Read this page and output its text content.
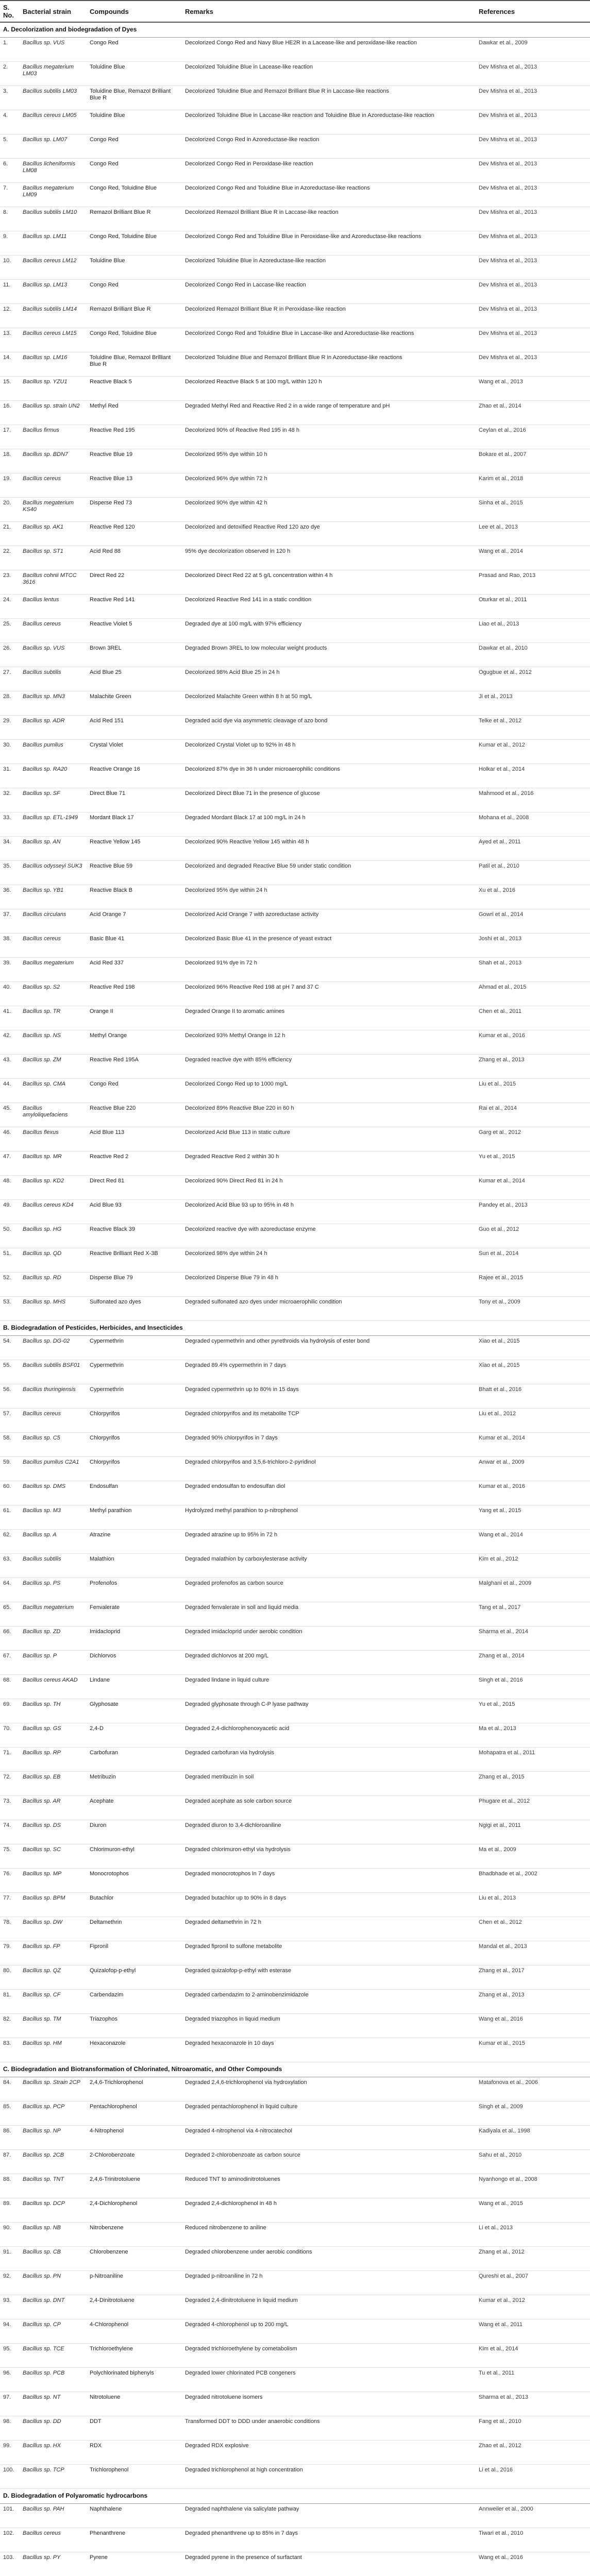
S. No.	Bacterial strain	Compounds	Remarks	References
A. Decolorization and biodegradation of Dyes				
1.	Bacillus sp. VUS	Congo Red	Decolorized Congo Red and Navy Blue HE2R in a Lacease-like and peroxidase-like reaction	Dawkar et al., 2009
2.	Bacillus megaterium LM03	Toluidine Blue	Decolorized Toluidine Blue in Lacease-like reaction	Dev Mishra et al., 2013
3.	Bacillus subtilis LM03	Toluidine Blue, Remazol Brilliant Blue R	Decolorized Toluidine Blue and Remazol Brilliant Blue R in Laccase-like reactions	Dev Mishra et al., 2013
4.	Bacillus cereus LM05	Toluidine Blue	Decolorized Toluidine Blue in Laccase-like reaction and Toluidine Blue in Azoreductase-like reaction	Dev Mishra et al., 2013
5.	Bacillus sp. LM07	Congo Red	Decolorized Congo Red in Azoreductase-like reaction	Dev Mishra et al., 2013
6.	Bacillus licheniformis LM08	Congo Red	Decolorized Congo Red in Peroxidase-like reaction	Dev Mishra et al., 2013
7.	Bacillus megaterium LM09	Congo Red, Toluidine Blue	Decolorized Congo Red and Toluidine Blue in Azoreductase-like reactions	Dev Mishra et al., 2013
8.	Bacillus subtilis LM10	Remazol Brilliant Blue R	Decolorized Remazol Brilliant Blue R in Laccase-like reaction	Dev Mishra et al., 2013
9.	Bacillus sp. LM11	Congo Red, Toluidine Blue	Decolorized Congo Red and Toluidine Blue in Peroxidase-like and Azoreductase-like reactions	Dev Mishra et al., 2013
10.	Bacillus cereus LM12	Toluidine Blue	Decolorized Toluidine Blue in Azoreductase-like reaction	Dev Mishra et al., 2013
11.	Bacillus sp. LM13	Congo Red	Decolorized Congo Red in Laccase-like reaction	Dev Mishra et al., 2013
12.	Bacillus subtilis LM14	Remazol Brilliant Blue R	Decolorized Remazol Brilliant Blue R in Peroxidase-like reaction	Dev Mishra et al., 2013
13.	Bacillus cereus LM15	Congo Red, Toluidine Blue	Decolorized Congo Red and Toluidine Blue in Laccase-like and Azoreductase-like reactions	Dev Mishra et al., 2013
14.	Bacillus sp. LM16	Toluidine Blue, Remazol Brilliant Blue R	Decolorized Toluidine Blue and Remazol Brilliant Blue R in Azoreductase-like reactions	Dev Mishra et al., 2013
15.	Bacillus sp. YZU1	Reactive Black 5	Decolorized Reactive Black 5 at 100 mg/L within 120 h	Wang et al., 2013
16.	Bacillus sp. strain UN2	Methyl Red	Degraded Methyl Red and Reactive Red 2 in a wide range of temperature and pH	Zhao et al., 2014
17.	Bacillus firmus	Reactive Red 195	Decolorized 90% of Reactive Red 195 in 48 h	Ceylan et al., 2016
18.	Bacillus sp. BDN7	Reactive Blue 19	Decolorized 95% dye within 10 h	Bokare et al., 2007
19.	Bacillus cereus	Reactive Blue 13	Decolorized 96% dye within 72 h	Karim et al., 2018
20.	Bacillus megaterium KS40	Disperse Red 73	Decolorized 90% dye within 42 h	Sinha et al., 2015
21.	Bacillus sp. AK1	Reactive Red 120	Decolorized and detoxified Reactive Red 120 azo dye	Lee et al., 2013
22.	Bacillus sp. ST1	Acid Red 88	95% dye decolorization observed in 120 h	Wang et al., 2014
23.	Bacillus cohnii MTCC 3616	Direct Red 22	Decolorized Direct Red 22 at 5 g/L concentration within 4 h	Prasad and Rao, 2013
24.	Bacillus lentus	Reactive Red 141	Decolorized Reactive Red 141 in a static condition	Oturkar et al., 2011
25.	Bacillus cereus	Reactive Violet 5	Degraded dye at 100 mg/L with 97% efficiency	Liao et al., 2013
26.	Bacillus sp. VUS	Brown 3REL	Degraded Brown 3REL to low molecular weight products	Dawkar et al., 2010
27.	Bacillus subtilis	Acid Blue 25	Decolorized 98% Acid Blue 25 in 24 h	Ogugbue et al., 2012
28.	Bacillus sp. MN3	Malachite Green	Decolorized Malachite Green within 8 h at 50 mg/L	Ji et al., 2013
29.	Bacillus sp. ADR	Acid Red 151	Degraded acid dye via asymmetric cleavage of azo bond	Telke et al., 2012
30.	Bacillus pumilus	Crystal Violet	Decolorized Crystal Violet up to 92% in 48 h	Kumar et al., 2012
31.	Bacillus sp. RA20	Reactive Orange 16	Decolorized 87% dye in 36 h under microaerophilic conditions	Holkar et al., 2014
32.	Bacillus sp. SF	Direct Blue 71	Decolorized Direct Blue 71 in the presence of glucose	Mahmood et al., 2016
33.	Bacillus sp. ETL-1949	Mordant Black 17	Degraded Mordant Black 17 at 100 mg/L in 24 h	Mohana et al., 2008
34.	Bacillus sp. AN	Reactive Yellow 145	Decolorized 90% Reactive Yellow 145 within 48 h	Ayed et al., 2011
35.	Bacillus odysseyi SUK3	Reactive Blue 59	Decolorized and degraded Reactive Blue 59 under static condition	Patil et al., 2010
36.	Bacillus sp. YB1	Reactive Black B	Decolorized 95% dye within 24 h	Xu et al., 2016
37.	Bacillus circulans	Acid Orange 7	Decolorized Acid Orange 7 with azoreductase activity	Gowri et al., 2014
38.	Bacillus cereus	Basic Blue 41	Decolorized Basic Blue 41 in the presence of yeast extract	Joshi et al., 2013
39.	Bacillus megaterium	Acid Red 337	Decolorized 91% dye in 72 h	Shah et al., 2013
40.	Bacillus sp. S2	Reactive Red 198	Decolorized 96% Reactive Red 198 at pH 7 and 37 C	Ahmad et al., 2015
41.	Bacillus sp. TR	Orange II	Degraded Orange II to aromatic amines	Chen et al., 2011
42.	Bacillus sp. NS	Methyl Orange	Decolorized 93% Methyl Orange in 12 h	Kumar et al., 2016
43.	Bacillus sp. ZM	Reactive Red 195A	Degraded reactive dye with 85% efficiency	Zhang et al., 2013
44.	Bacillus sp. CMA	Congo Red	Decolorized Congo Red up to 1000 mg/L	Liu et al., 2015
45.	Bacillus amyloliquefaciens	Reactive Blue 220	Decolorized 89% Reactive Blue 220 in 60 h	Rai et al., 2014
46.	Bacillus flexus	Acid Blue 113	Decolorized Acid Blue 113 in static culture	Garg et al., 2012
47.	Bacillus sp. MR	Reactive Red 2	Degraded Reactive Red 2 within 30 h	Yu et al., 2015
48.	Bacillus sp. KD2	Direct Red 81	Decolorized 90% Direct Red 81 in 24 h	Kumar et al., 2014
49.	Bacillus cereus KD4	Acid Blue 93	Decolorized Acid Blue 93 up to 95% in 48 h	Pandey et al., 2013
50.	Bacillus sp. HG	Reactive Black 39	Decolorized reactive dye with azoreductase enzyme	Guo et al., 2012
51.	Bacillus sp. QD	Reactive Brilliant Red X-3B	Decolorized 98% dye within 24 h	Sun et al., 2014
52.	Bacillus sp. RD	Disperse Blue 79	Decolorized Disperse Blue 79 in 48 h	Rajee et al., 2015
53.	Bacillus sp. MHS	Sulfonated azo dyes	Degraded sulfonated azo dyes under microaerophilic condition	Tony et al., 2009
B. Biodegradation of Pesticides, Herbicides, and Insecticides				
54.	Bacillus sp. DG-02	Cypermethrin	Degraded cypermethrin and other pyrethroids via hydrolysis of ester bond	Xiao et al., 2015
55.	Bacillus subtilis BSF01	Cypermethrin	Degraded 89.4% cypermethrin in 7 days	Xiao et al., 2015
56.	Bacillus thuringiensis	Cypermethrin	Degraded cypermethrin up to 80% in 15 days	Bhatt et al., 2016
57.	Bacillus cereus	Chlorpyrifos	Degraded chlorpyrifos and its metabolite TCP	Liu et al., 2012
58.	Bacillus sp. C5	Chlorpyrifos	Degraded 90% chlorpyrifos in 7 days	Kumar et al., 2014
59.	Bacillus pumilus C2A1	Chlorpyrifos	Degraded chlorpyrifos and 3,5,6-trichloro-2-pyridinol	Anwar et al., 2009
60.	Bacillus sp. DMS	Endosulfan	Degraded endosulfan to endosulfan diol	Kumar et al., 2016
61.	Bacillus sp. M3	Methyl parathion	Hydrolyzed methyl parathion to p-nitrophenol	Yang et al., 2015
62.	Bacillus sp. A	Atrazine	Degraded atrazine up to 95% in 72 h	Wang et al., 2014
63.	Bacillus subtilis	Malathion	Degraded malathion by carboxylesterase activity	Kim et al., 2012
64.	Bacillus sp. PS	Profenofos	Degraded profenofos as carbon source	Malghani et al., 2009
65.	Bacillus megaterium	Fenvalerate	Degraded fenvalerate in soil and liquid media	Tang et al., 2017
66.	Bacillus sp. ZD	Imidacloprid	Degraded imidacloprid under aerobic condition	Sharma et al., 2014
67.	Bacillus sp. P	Dichlorvos	Degraded dichlorvos at 200 mg/L	Zhang et al., 2014
68.	Bacillus cereus AKAD	Lindane	Degraded lindane in liquid culture	Singh et al., 2016
69.	Bacillus sp. TH	Glyphosate	Degraded glyphosate through C-P lyase pathway	Yu et al., 2015
70.	Bacillus sp. GS	2,4-D	Degraded 2,4-dichlorophenoxyacetic acid	Ma et al., 2013
71.	Bacillus sp. RP	Carbofuran	Degraded carbofuran via hydrolysis	Mohapatra et al., 2011
72.	Bacillus sp. EB	Metribuzin	Degraded metribuzin in soil	Zhang et al., 2015
73.	Bacillus sp. AR	Acephate	Degraded acephate as sole carbon source	Phugare et al., 2012
74.	Bacillus sp. DS	Diuron	Degraded diuron to 3,4-dichloroaniline	Ngigi et al., 2011
75.	Bacillus sp. SC	Chlorimuron-ethyl	Degraded chlorimuron-ethyl via hydrolysis	Ma et al., 2009
76.	Bacillus sp. MP	Monocrotophos	Degraded monocrotophos in 7 days	Bhadbhade et al., 2002
77.	Bacillus sp. BPM	Butachlor	Degraded butachlor up to 90% in 8 days	Liu et al., 2013
78.	Bacillus sp. DW	Deltamethrin	Degraded deltamethrin in 72 h	Chen et al., 2012
79.	Bacillus sp. FP	Fipronil	Degraded fipronil to sulfone metabolite	Mandal et al., 2013
80.	Bacillus sp. QZ	Quizalofop-p-ethyl	Degraded quizalofop-p-ethyl with esterase	Zhang et al., 2017
81.	Bacillus sp. CF	Carbendazim	Degraded carbendazim to 2-aminobenzimidazole	Zhang et al., 2013
82.	Bacillus sp. TM	Triazophos	Degraded triazophos in liquid medium	Wang et al., 2016
83.	Bacillus sp. HM	Hexaconazole	Degraded hexaconazole in 10 days	Kumar et al., 2015
C. Biodegradation and Biotransformation of Chlorinated, Nitroaromatic, and Other Compounds				
84.	Bacillus sp. Strain 2CP	2,4,6-Trichlorophenol	Degraded 2,4,6-trichlorophenol via hydroxylation	Matafonova et al., 2006
85.	Bacillus sp. PCP	Pentachlorophenol	Degraded pentachlorophenol in liquid culture	Singh et al., 2009
86.	Bacillus sp. NP	4-Nitrophenol	Degraded 4-nitrophenol via 4-nitrocatechol	Kadiyala et al., 1998
87.	Bacillus sp. 2CB	2-Chlorobenzoate	Degraded 2-chlorobenzoate as carbon source	Sahu et al., 2010
88.	Bacillus sp. TNT	2,4,6-Trinitrotoluene	Reduced TNT to aminodinitrotoluenes	Nyanhongo et al., 2008
89.	Bacillus sp. DCP	2,4-Dichlorophenol	Degraded 2,4-dichlorophenol in 48 h	Wang et al., 2015
90.	Bacillus sp. NB	Nitrobenzene	Reduced nitrobenzene to aniline	Li et al., 2013
91.	Bacillus sp. CB	Chlorobenzene	Degraded chlorobenzene under aerobic conditions	Zhang et al., 2012
92.	Bacillus sp. PN	p-Nitroaniline	Degraded p-nitroaniline in 72 h	Qureshi et al., 2007
93.	Bacillus sp. DNT	2,4-Dinitrotoluene	Degraded 2,4-dinitrotoluene in liquid medium	Kumar et al., 2012
94.	Bacillus sp. CP	4-Chlorophenol	Degraded 4-chlorophenol up to 200 mg/L	Wang et al., 2011
95.	Bacillus sp. TCE	Trichloroethylene	Degraded trichloroethylene by cometabolism	Kim et al., 2014
96.	Bacillus sp. PCB	Polychlorinated biphenyls	Degraded lower chlorinated PCB congeners	Tu et al., 2011
97.	Bacillus sp. NT	Nitrotoluene	Degraded nitrotoluene isomers	Sharma et al., 2013
98.	Bacillus sp. DD	DDT	Transformed DDT to DDD under anaerobic conditions	Fang et al., 2010
99.	Bacillus sp. HX	RDX	Degraded RDX explosive	Zhao et al., 2012
100.	Bacillus sp. TCP	Trichlorophenol	Degraded trichlorophenol at high concentration	Li et al., 2016
D. Biodegradation of Polyaromatic hydrocarbons				
101.	Bacillus sp. PAH	Naphthalene	Degraded naphthalene via salicylate pathway	Annweiler et al., 2000
102.	Bacillus cereus	Phenanthrene	Degraded phenanthrene up to 85% in 7 days	Tiwari et al., 2010
103.	Bacillus sp. PY	Pyrene	Degraded pyrene in the presence of surfactant	Wang et al., 2016
